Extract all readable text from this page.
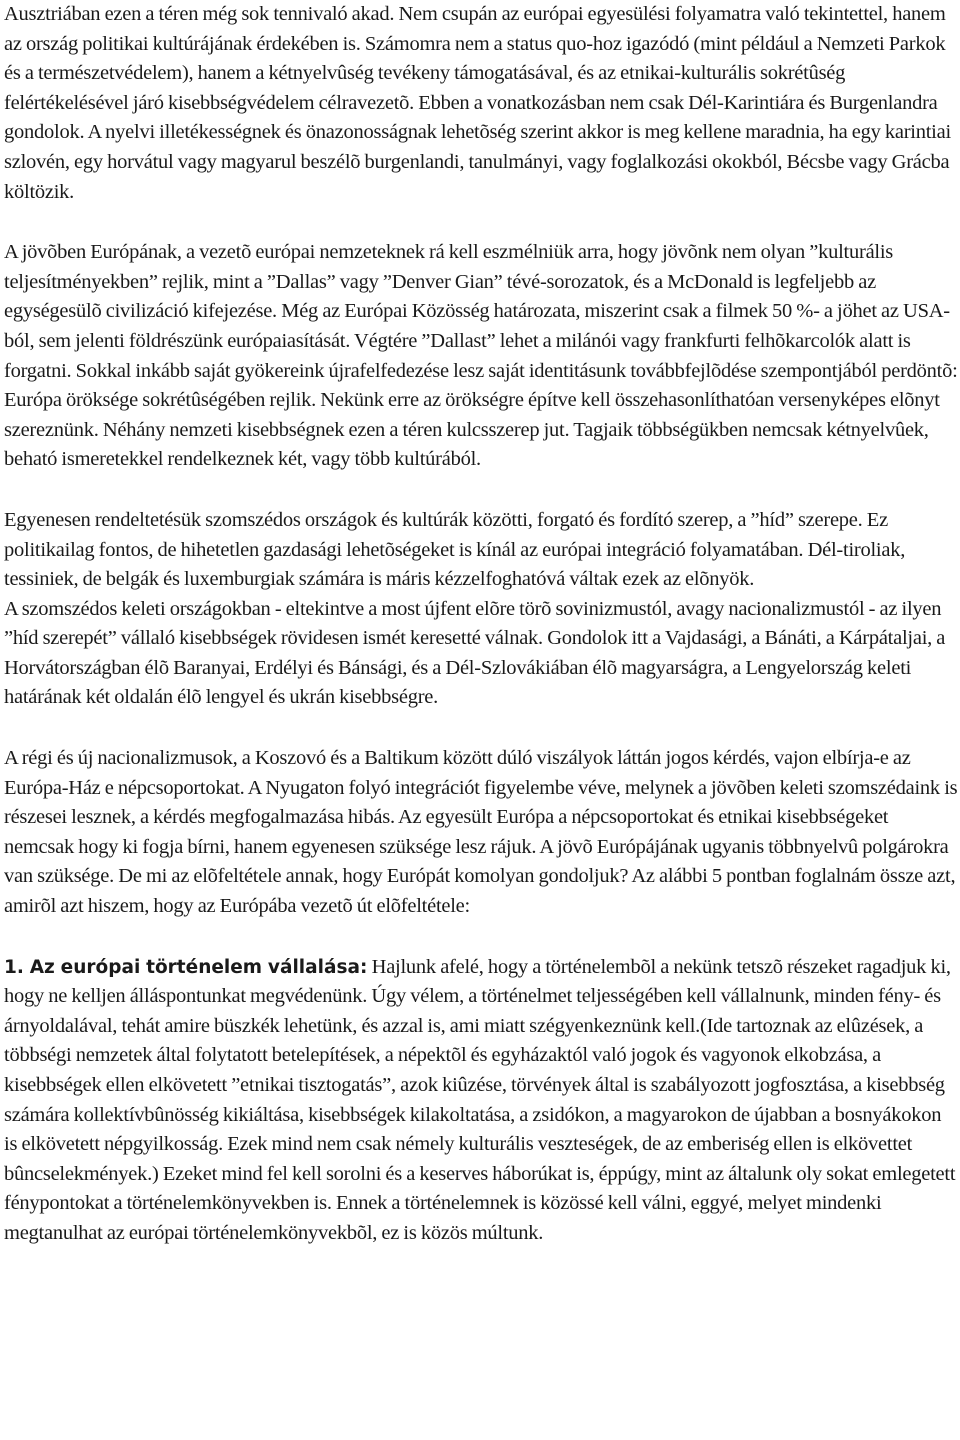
Ausztriában ezen a téren még sok tennivaló akad. Nem csupán az európai egyesülési folyamatra való tekintettel, hanem az ország politikai kultúrájának érdekében is. Számomra nem a status quo-hoz igazódó (mint például a Nemzeti Parkok és a természetvédelem), hanem a kétnyelvûség tevékeny támogatásával, és az etnikai-kulturális sokrétûség felértékelésével járó kisebbségvédelem célravezetõ. Ebben a vonatkozásban nem csak Dél-Karintiára és Burgenlandra gondolok. A nyelvi illetékességnek és önazonosságnak lehetõség szerint akkor is meg kellene maradnia, ha egy karintiai szlovén, egy horvátul vagy magyarul beszélõ burgenlandi, tanulmányi, vagy foglalkozási okokból, Bécsbe vagy Grácba költözik.

A jövõben Európának, a vezetõ európai nemzeteknek rá kell eszmélniük arra, hogy jövõnk nem olyan ”kulturális teljesítményekben” rejlik, mint a ”Dallas” vagy ”Denver Gian” tévé-sorozatok, és a McDonald is legfeljebb az egységesülõ civilizáció kifejezése. Még az Európai Közösség határozata, miszerint csak a filmek 50 %- a jöhet az USA- ból, sem jelenti földrészünk európaiasítását. Végtére ”Dallast” lehet a milánói vagy frankfurti felhõkarcolók alatt is forgatni. Sokkal inkább saját gyökereink újrafelfedezése lesz saját identitásunk továbbfejlõdése szempontjából perdöntõ: Európa öröksége sokrétûségében rejlik. Nekünk erre az örökségre építve kell összehasonlíthatóan versenyképes elõnyt szereznünk. Néhány nemzeti kisebbségnek ezen a téren kulcsszerep jut. Tagjaik többségükben nemcsak kétnyelvûek, beható ismeretekkel rendelkeznek két, vagy több kultúrából.

Egyenesen rendeltetésük szomszédos országok és kultúrák közötti, forgató és fordító szerep, a ”híd” szerepe. Ez politikailag fontos, de hihetetlen gazdasági lehetõségeket is kínál az európai integráció folyamatában. Dél-tiroliak, tessiniek, de belgák és luxemburgiak számára is máris kézzelfoghatóvá váltak ezek az elõnyök.

A szomszédos keleti országokban - eltekintve a most újfent elõre törõ sovinizmustól, avagy nacionalizmustól - az ilyen ”híd szerepét” vállaló kisebbségek rövidesen ismét keresetté válnak. Gondolok itt a Vajdasági, a Bánáti, a Kárpátaljai, a Horvátországban élõ Baranyai, Erdélyi és Bánsági, és a Dél-Szlovákiában élõ magyarságra, a Lengyelország keleti határának két oldalán élõ lengyel és ukrán kisebbségre.

A régi és új nacionalizmusok, a Koszovó és a Baltikum között dúló viszályok láttán jogos kérdés, vajon elbírja-e az Európa-Ház e népcsoportokat. A Nyugaton folyó integrációt figyelembe véve, melynek a jövõben keleti szomszédaink is részesei lesznek, a kérdés megfogalmazása hibás. Az egyesült Európa a népcsoportokat és etnikai kisebbségeket nemcsak hogy ki fogja bírni, hanem egyenesen szüksége lesz rájuk. A jövõ Európájának ugyanis többnyelvû polgárokra van szüksége. De mi az elõfeltétele annak, hogy Európát komolyan gondoljuk? Az alábbi 5 pontban foglalnám össze azt, amirõl azt hiszem, hogy az Európába vezetõ út elõfeltétele:

1. Az európai történelem vállalása: Hajlunk afelé, hogy a történelembõl a nekünk tetszõ részeket ragadjuk ki, hogy ne kelljen álláspontunkat megvédenünk. Úgy vélem, a történelmet teljességében kell vállalnunk, minden fény- és árnyoldalával, tehát amire büszkék lehetünk, és azzal is, ami miatt szégyenkeznünk kell.(Ide tartoznak az elûzések, a többségi nemzetek által folytatott betelepítések, a népektõl és egyházaktól való jogok és vagyonok elkobzása, a kisebbségek ellen elkövetett ”etnikai tisztogatás”, azok kiûzése, törvények által is szabályozott jogfosztása, a kisebbség számára kollektívbûnösség kikiáltása, kisebbségek kilakoltatása, a zsidókon, a magyarokon de újabban a bosnyákokon is elkövetett népgyilkosság. Ezek mind nem csak némely kulturális veszteségek, de az emberiség ellen is elkövettet bûncselekmények.) Ezeket mind fel kell sorolni és a keserves háborúkat is, éppúgy, mint az általunk oly sokat emlegetett fénypontokat a történelemkönyvekben is. Ennek a történelemnek is közössé kell válni, eggyé, melyet mindenki megtanulhat az európai történelemkönyvekbõl, ez is közös múltunk.
